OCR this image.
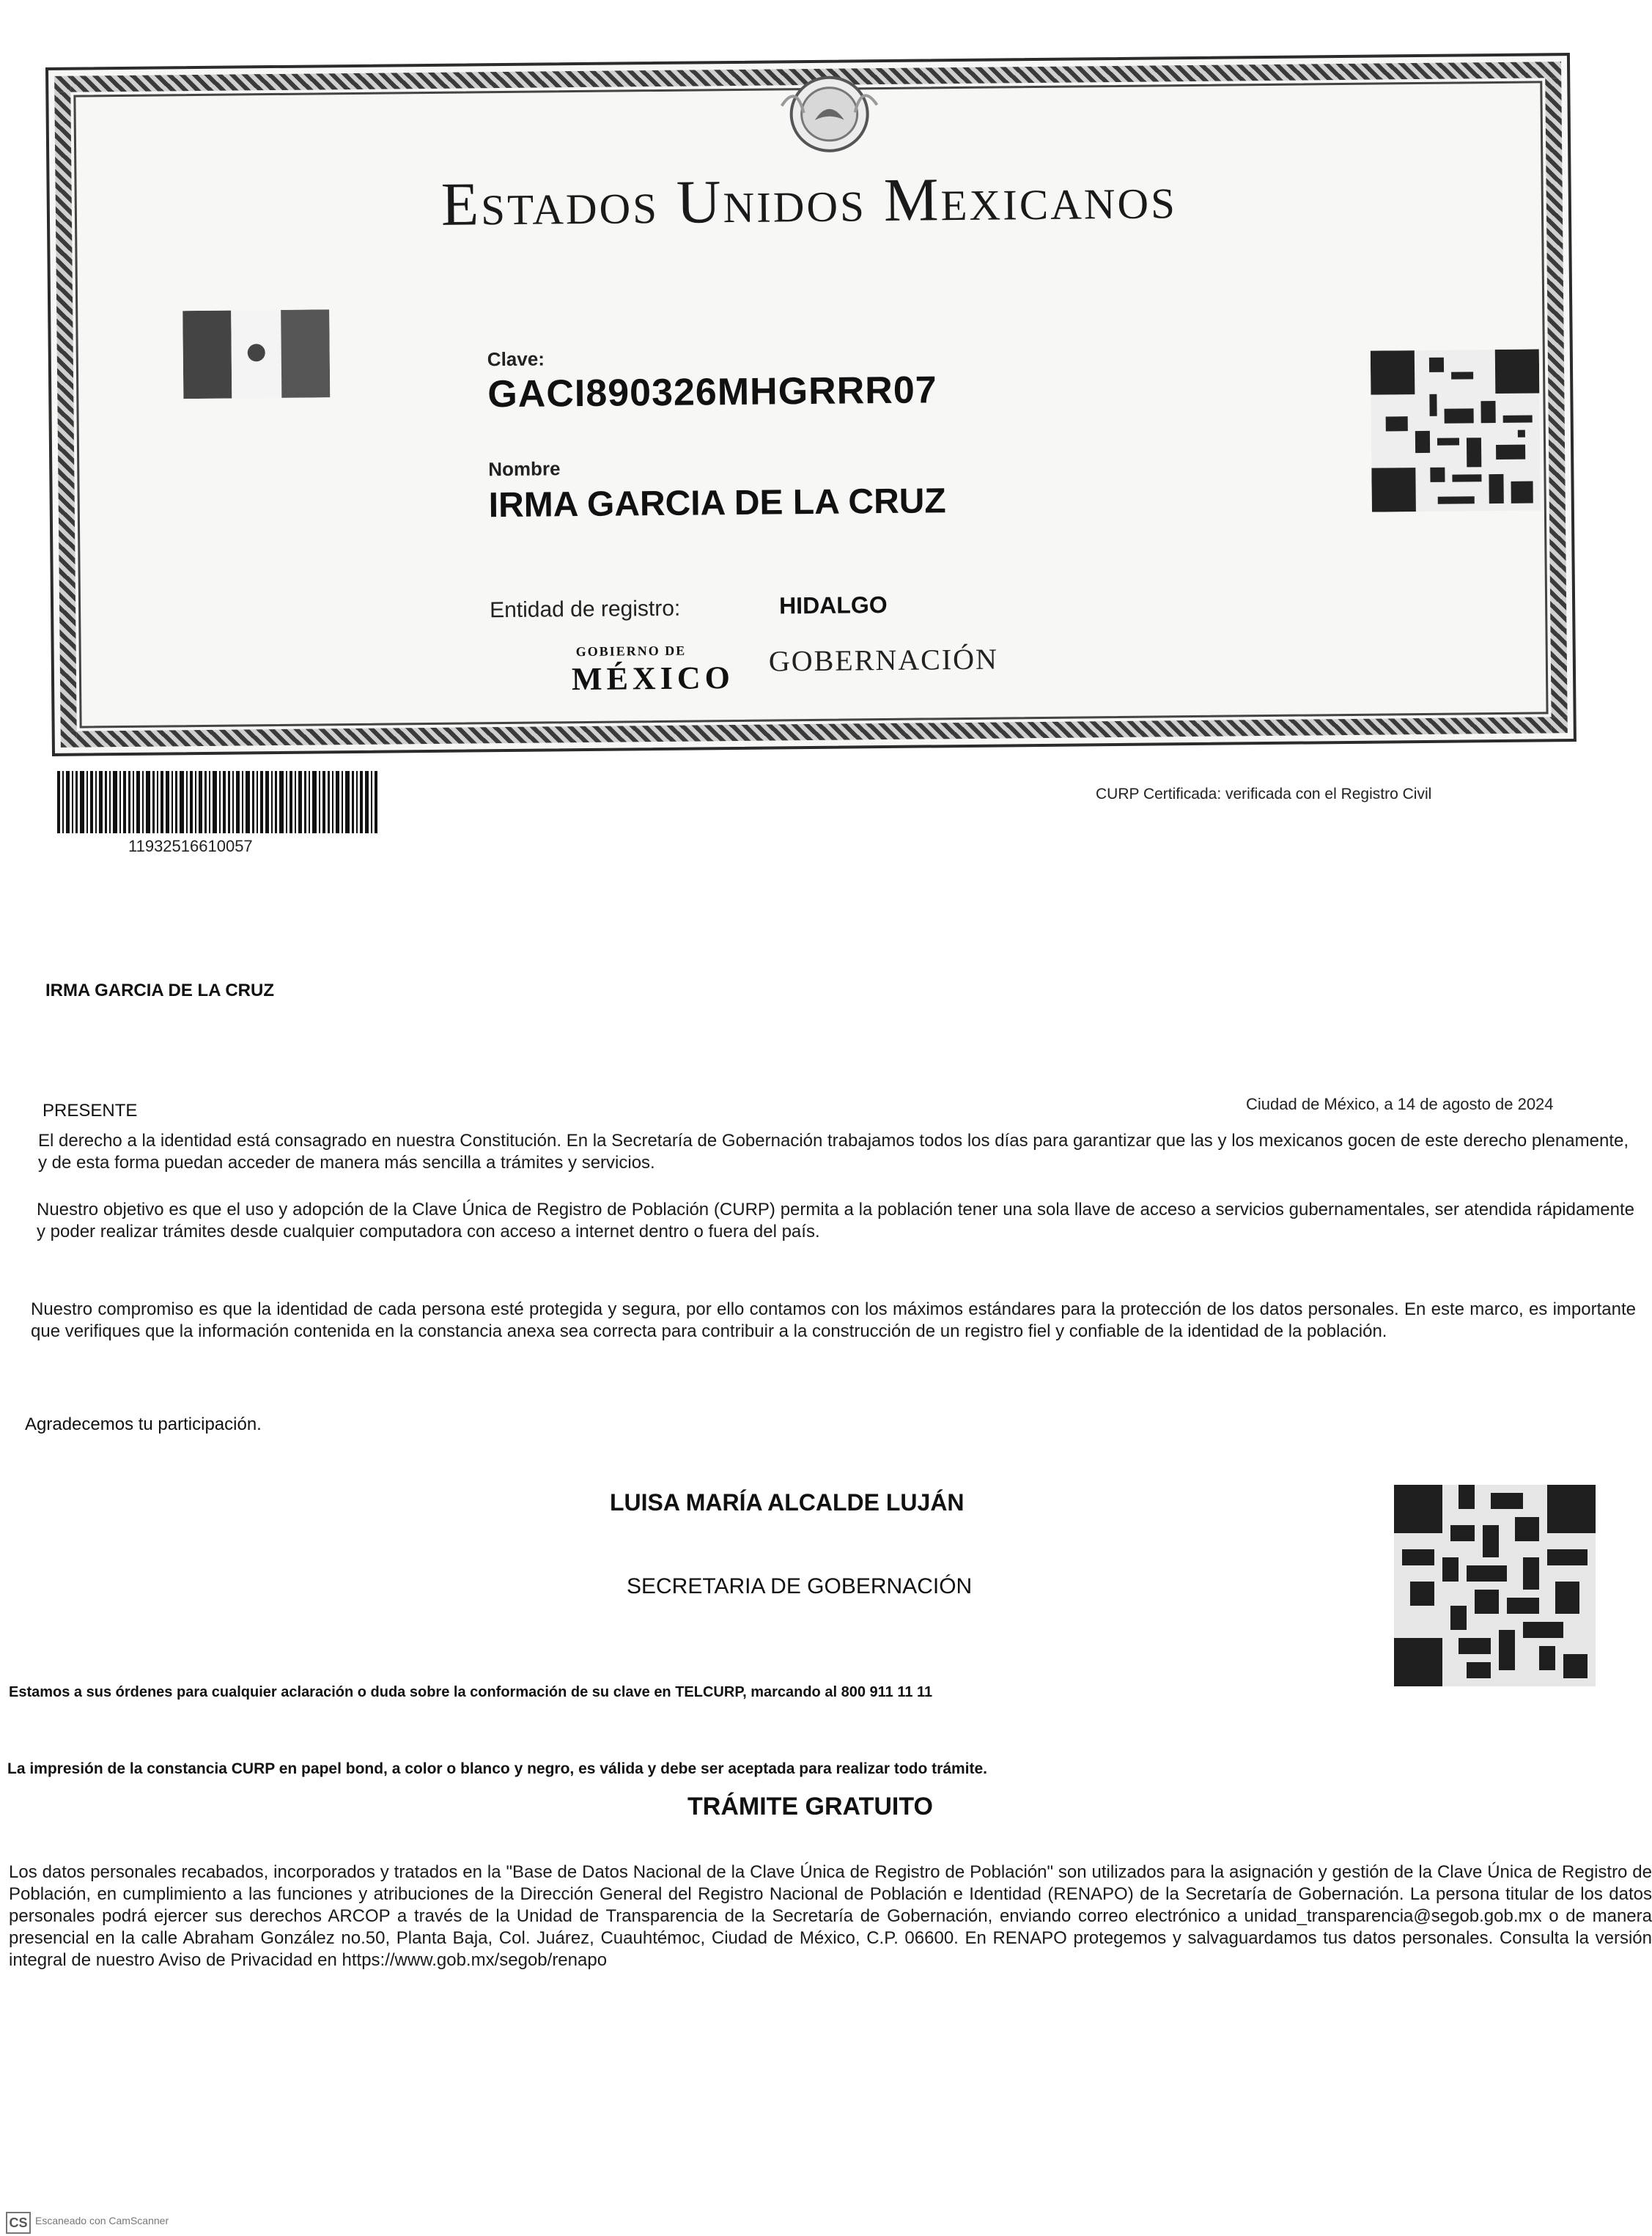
Estados Unidos Mexicanos
Clave:
GACI890326MHGRRR07
Nombre
IRMA GARCIA DE LA CRUZ
Entidad de registro:	HIDALGO
GOBIERNO DE
MÉXICO GOBERNACIÓN
11932516610057
CURP Certificada: verificada con el Registro Civil
IRMA GARCIA DE LA CRUZ
PRESENTE	Ciudad de México, a 14 de agosto de 2024
El derecho a la identidad está consagrado en nuestra Constitución. En la Secretaría de Gobernación trabajamos todos los días para garantizar que las y los mexicanos gocen de este derecho plenamente, y de esta forma puedan acceder de manera más sencilla a trámites y servicios.
Nuestro objetivo es que el uso y adopción de la Clave Única de Registro de Población (CURP) permita a la población tener una sola llave de acceso a servicios gubernamentales, ser atendida rápidamente y poder realizar trámites desde cualquier computadora con acceso a internet dentro o fuera del país.
Nuestro compromiso es que la identidad de cada persona esté protegida y segura, por ello contamos con los máximos estándares para la protección de los datos personales. En este marco, es importante que verifiques que la información contenida en la constancia anexa sea correcta para contribuir a la construcción de un registro fiel y confiable de la identidad de la población.
Agradecemos tu participación.
LUISA MARÍA ALCALDE LUJÁN
SECRETARIA DE GOBERNACIÓN
Estamos a sus órdenes para cualquier aclaración o duda sobre la conformación de su clave en TELCURP, marcando al 800 911 11 11
La impresión de la constancia CURP en papel bond, a color o blanco y negro, es válida y debe ser aceptada para realizar todo trámite.
TRÁMITE GRATUITO
Los datos personales recabados, incorporados y tratados en la "Base de Datos Nacional de la Clave Única de Registro de Población" son utilizados para la asignación y gestión de la Clave Única de Registro de Población, en cumplimiento a las funciones y atribuciones de la Dirección General del Registro Nacional de Población e Identidad (RENAPO) de la Secretaría de Gobernación. La persona titular de los datos personales podrá ejercer sus derechos ARCOP a través de la Unidad de Transparencia de la Secretaría de Gobernación, enviando correo electrónico a unidad_transparencia@segob.gob.mx o de manera presencial en la calle Abraham González no.50, Planta Baja, Col. Juárez, Cuauhtémoc, Ciudad de México, C.P. 06600. En RENAPO protegemos y salvaguardamos tus datos personales. Consulta la versión integral de nuestro Aviso de Privacidad en https://www.gob.mx/segob/renapo
CS Escaneado con CamScanner
